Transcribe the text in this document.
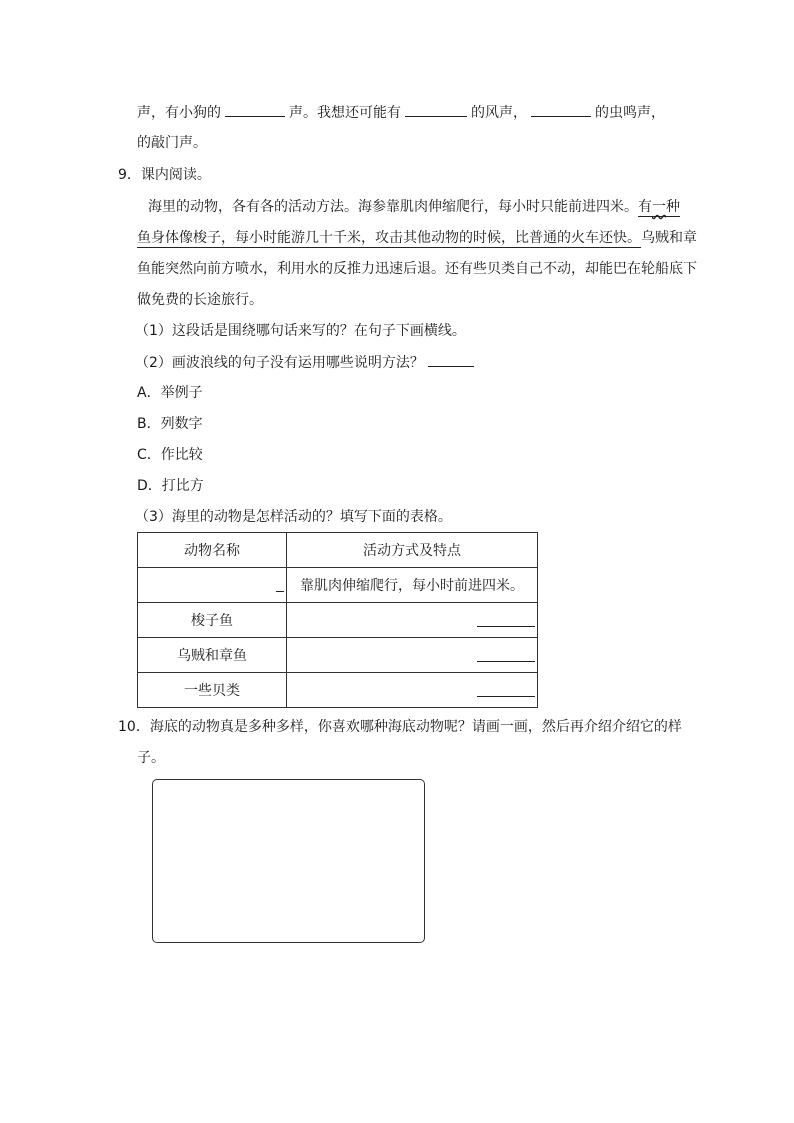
声，有小狗的	声。我想还可能有	的风声，	的虫鸣声，
的敲门声。
9．课内阅读。
海里的动物，各有各的活动方法。海参靠肌肉伸缩爬行，每小时只能前进四米。有一种
鱼身体像梭子，每小时能游几十千米，攻击其他动物的时候，比普通的火车还快。乌贼和章
鱼能突然向前方喷水，利用水的反推力迅速后退。还有些贝类自己不动，却能巴在轮船底下
做免费的长途旅行。
（1）这段话是围绕哪句话来写的？在句子下画横线。
（2）画波浪线的句子没有运用哪些说明方法？
A．举例子
B．列数字
C．作比较
D．打比方
（3）海里的动物是怎样活动的？填写下面的表格。
动物名称	活动方式及特点

	靠肌肉伸缩爬行，每小时前进四米。
梭子鱼	

乌贼和章鱼	

一些贝类	
10．海底的动物真是多种多样，你喜欢哪种海底动物呢？请画一画，然后再介绍介绍它的样
子。
